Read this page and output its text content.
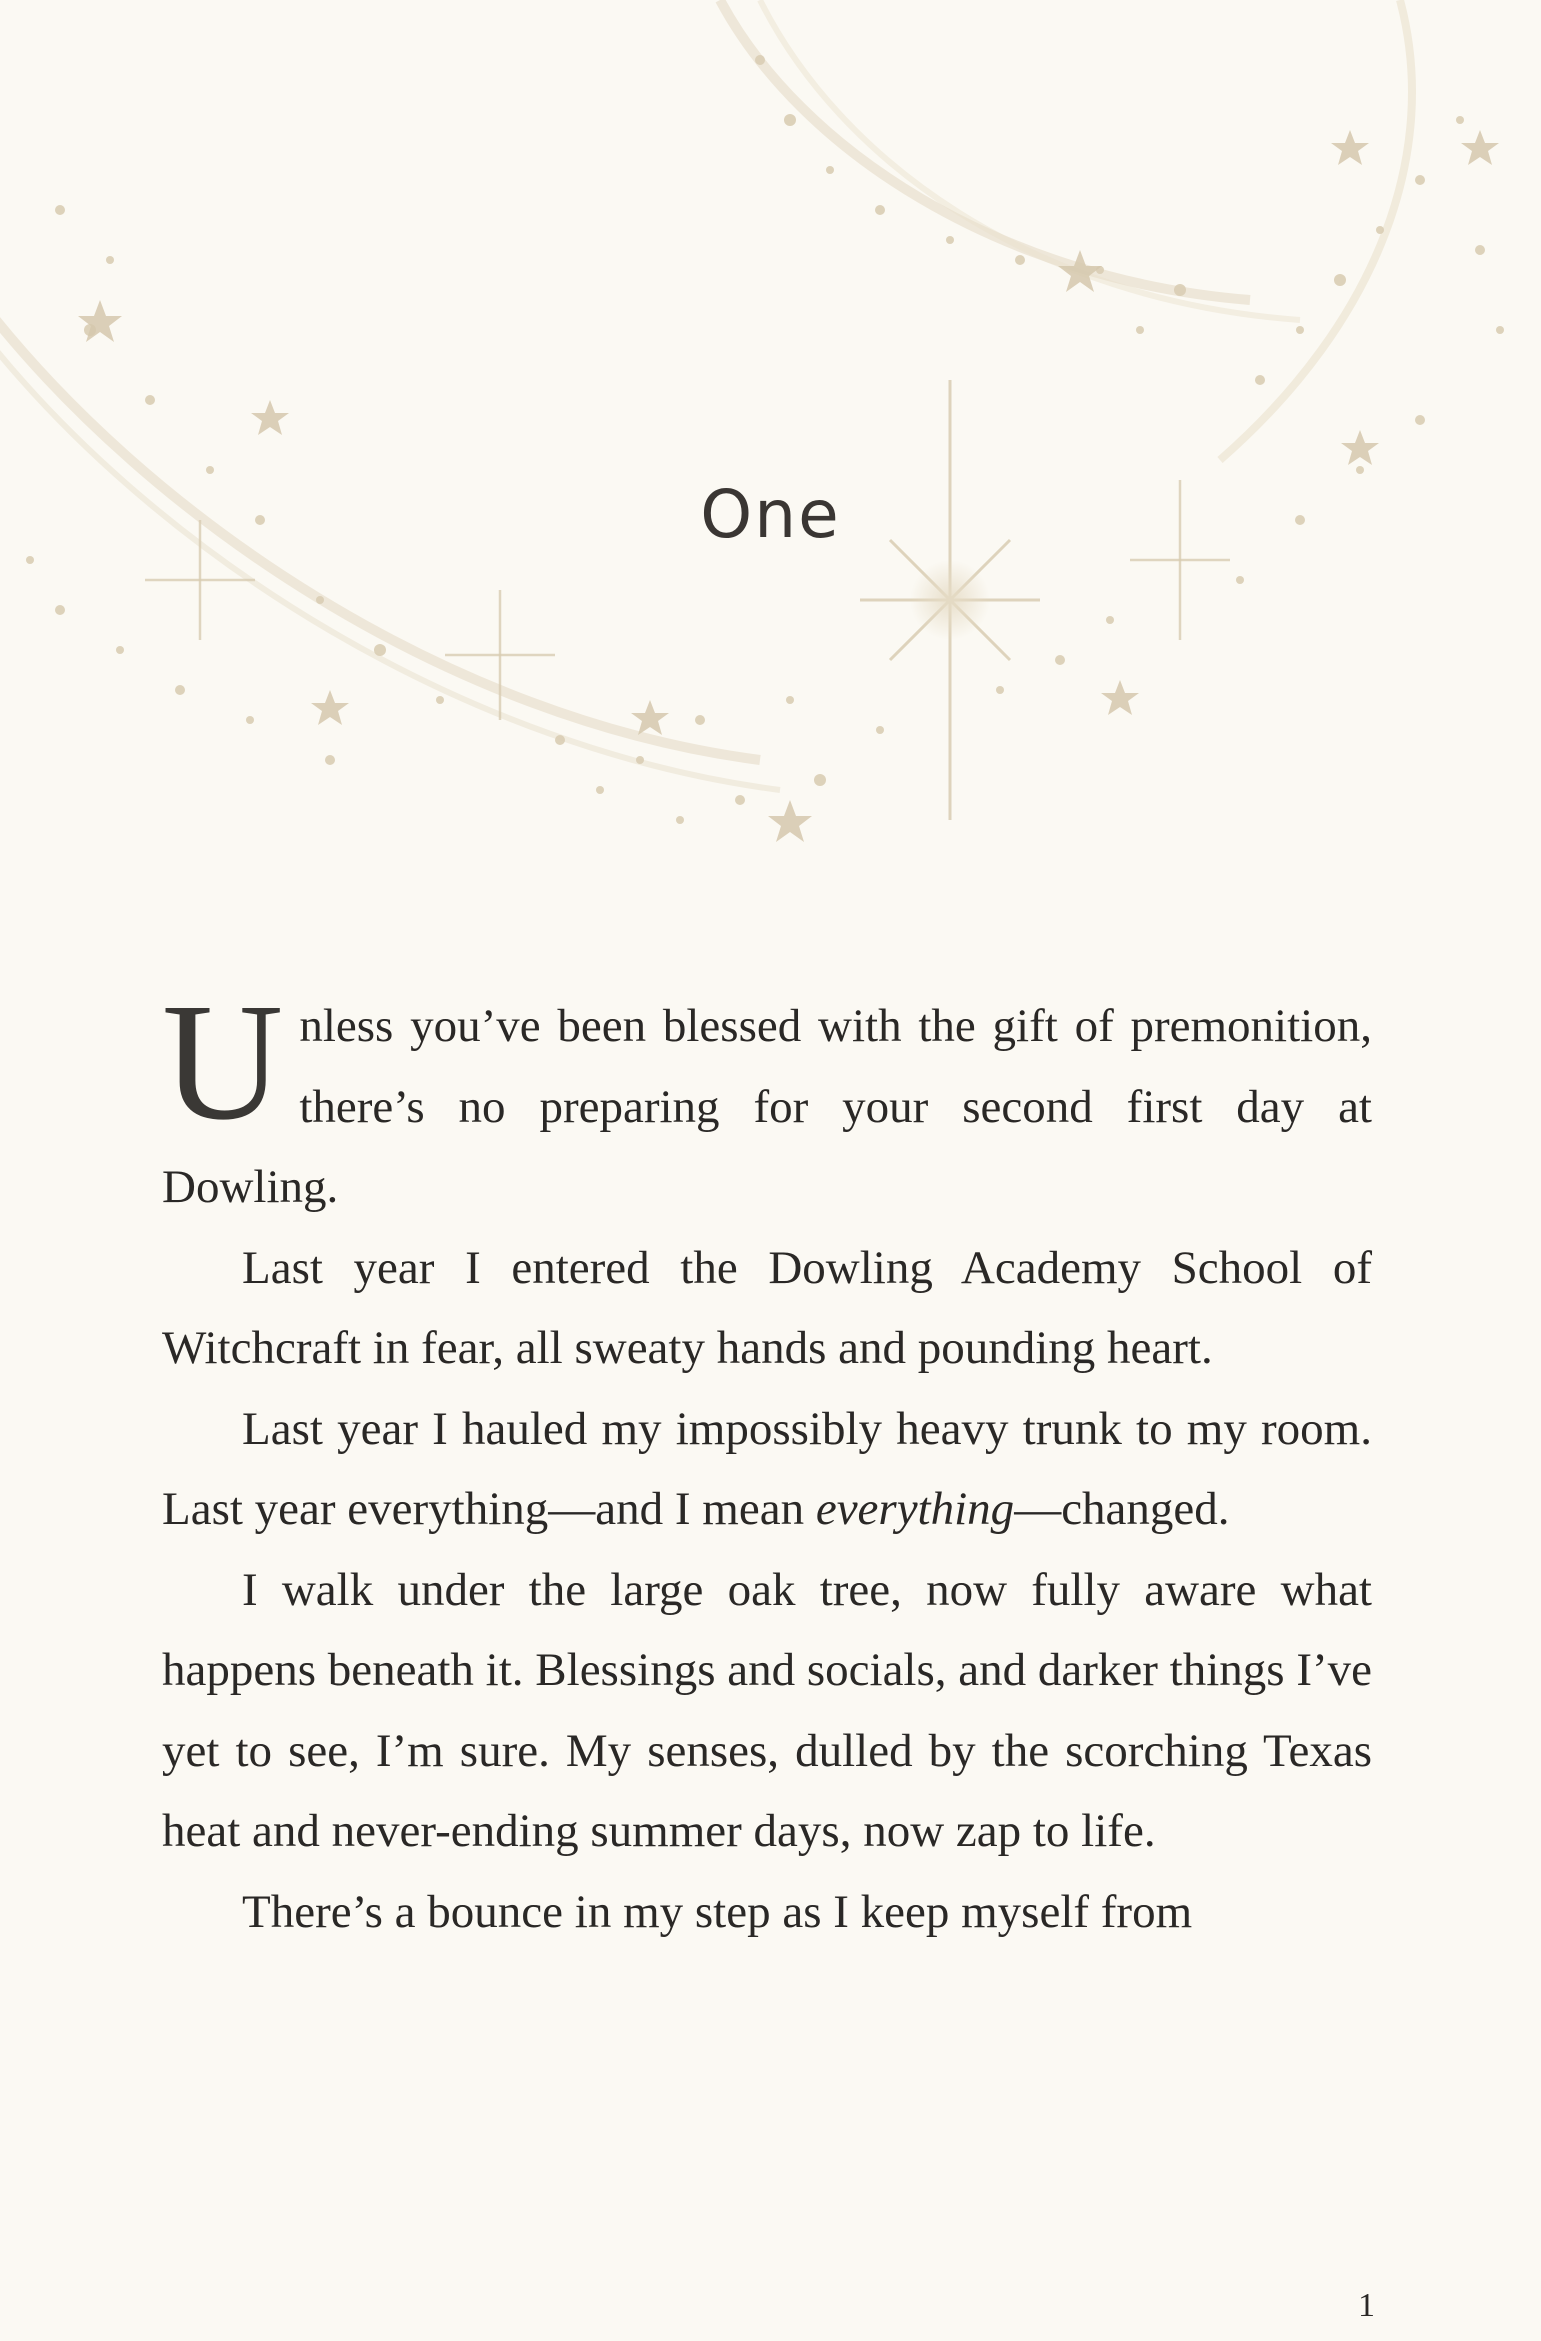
One

Unless you’ve been blessed with the gift of premonition, there’s no preparing for your second first day at Dowling.

Last year I entered the Dowling Academy School of Witchcraft in fear, all sweaty hands and pounding heart.

Last year I hauled my impossibly heavy trunk to my room. Last year everything—and I mean everything—changed.

I walk under the large oak tree, now fully aware what happens beneath it. Blessings and socials, and darker things I’ve yet to see, I’m sure. My senses, dulled by the scorching Texas heat and never-ending summer days, now zap to life.

There’s a bounce in my step as I keep myself from

1
